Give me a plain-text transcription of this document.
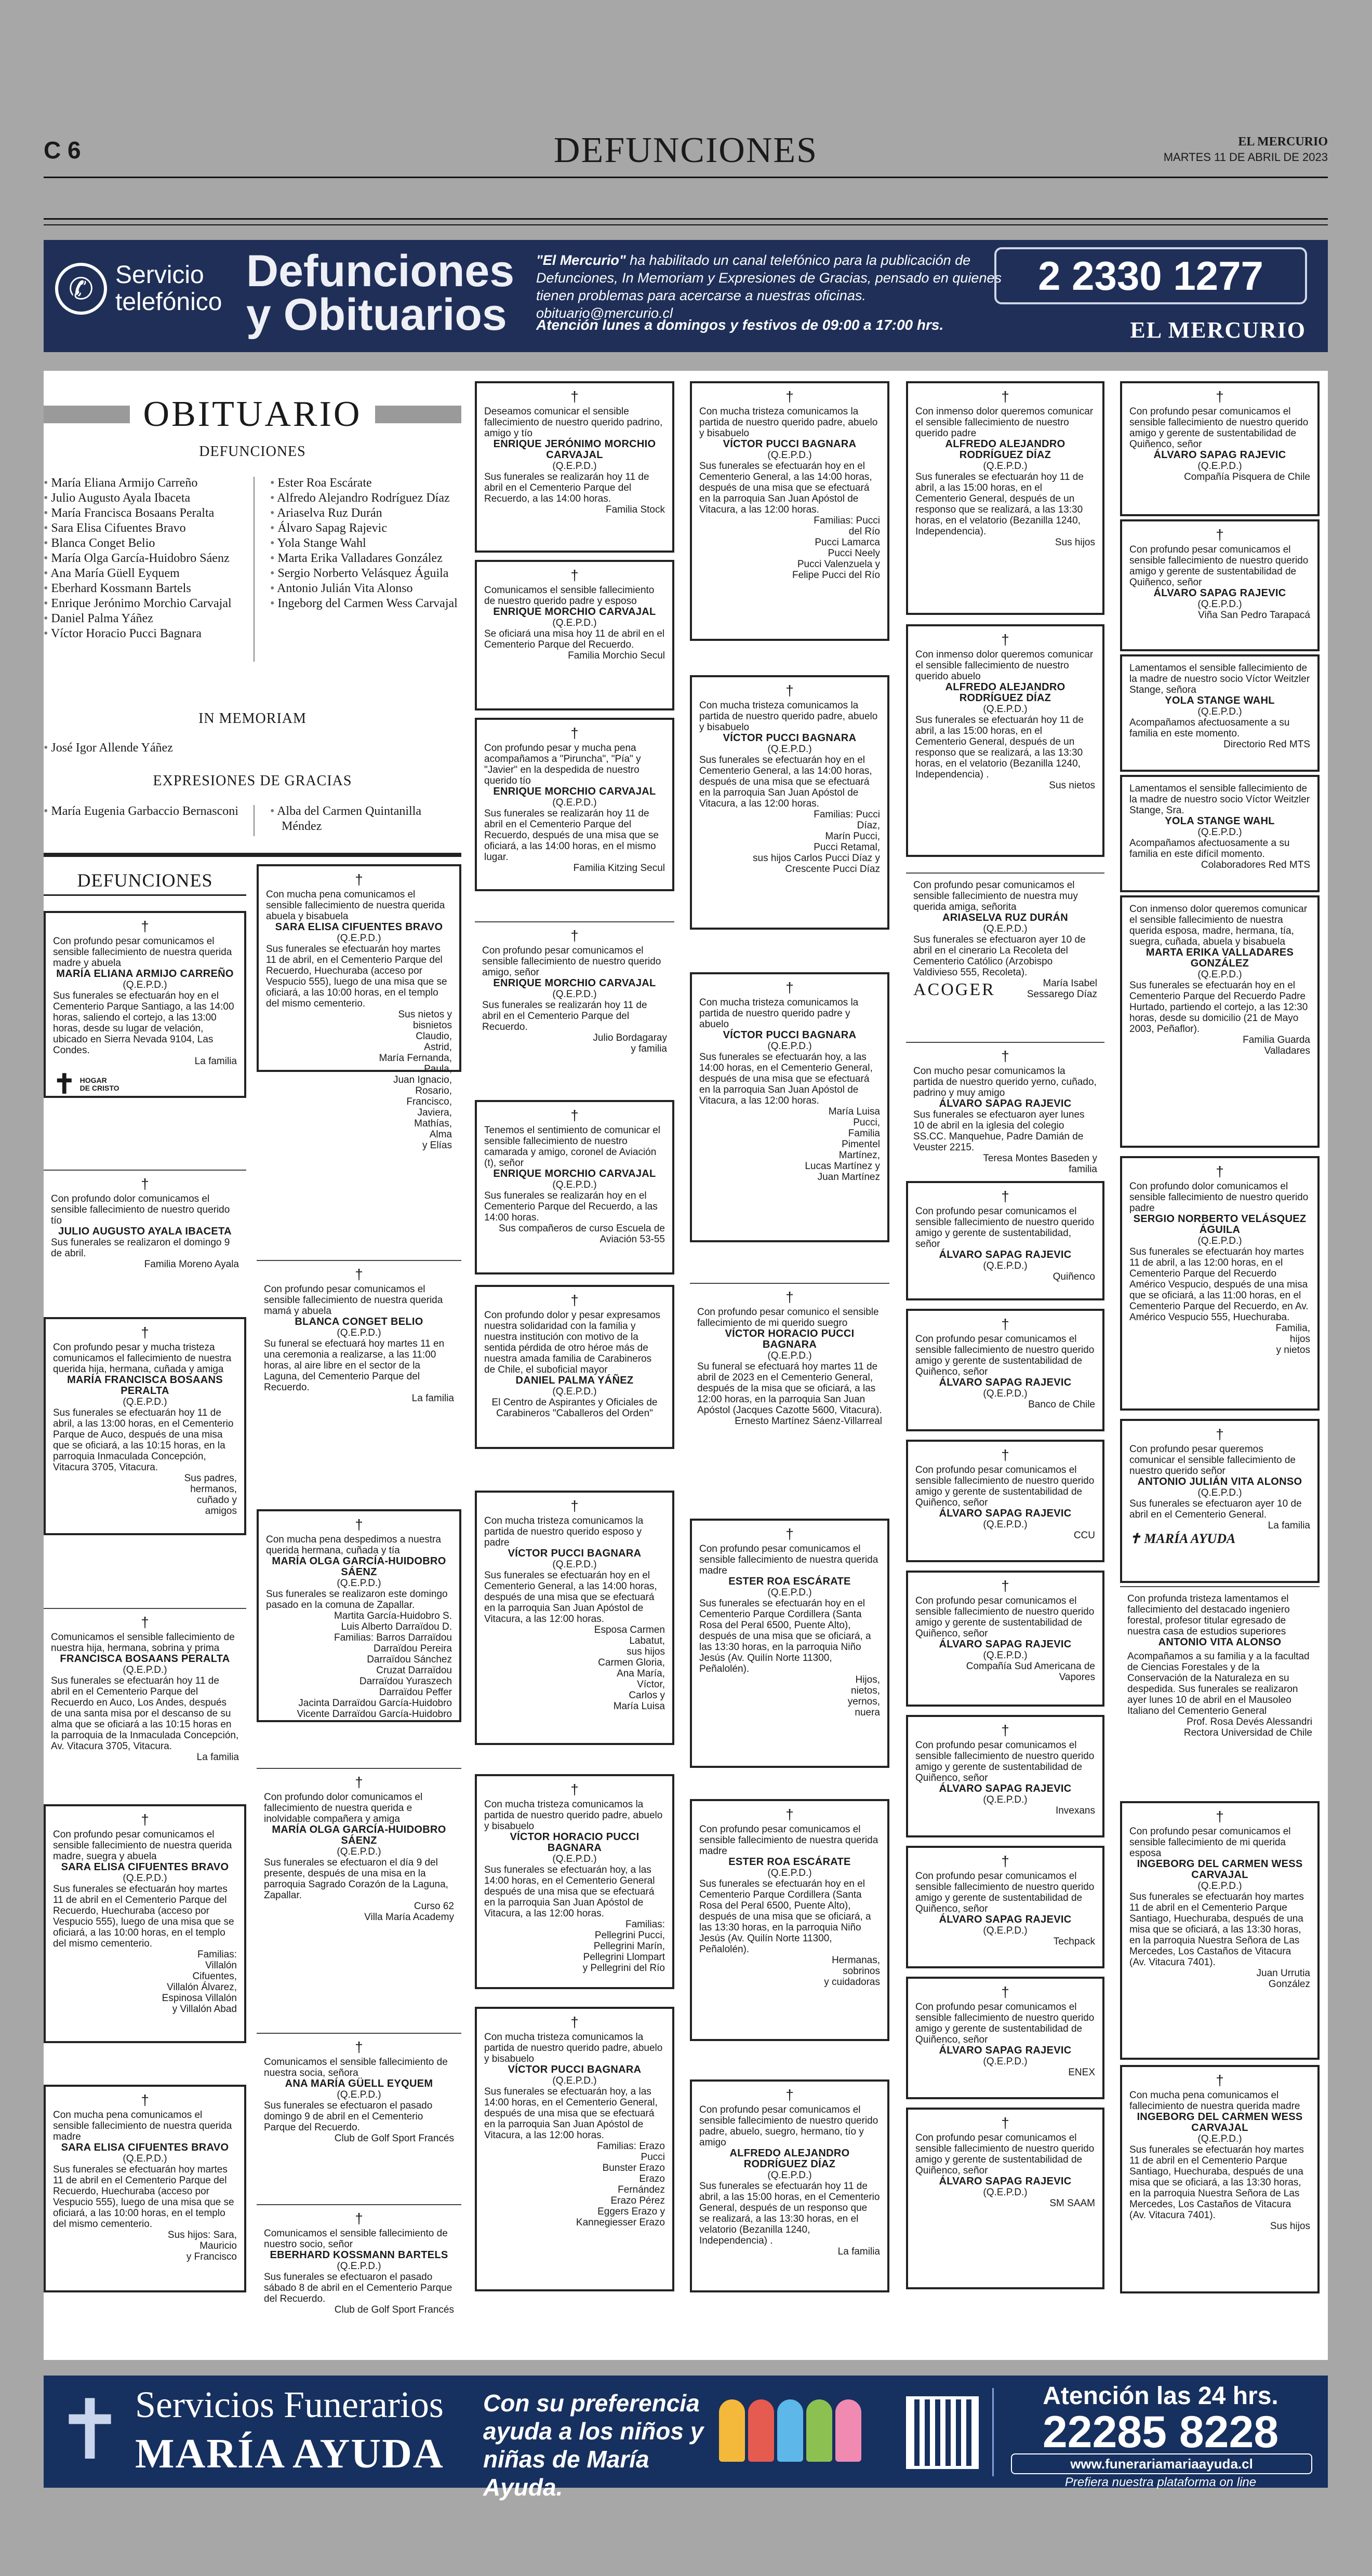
C 6	DEFUNCIONES	EL MERCURIO
MARTES 11 DE ABRIL DE 2023
✆ Servicio telefónico
Defunciones
y Obituarios
"El Mercurio" ha habilitado un canal telefónico para la publicación de Defunciones, In Memoriam y Expresiones de Gracias, pensado en quienes tienen problemas para acercarse a nuestras oficinas.
obituario@mercurio.cl
Atención lunes a domingos y festivos de 09:00 a 17:00 hrs.
2 2330 1277
EL MERCURIO
OBITUARIO
DEFUNCIONES
• María Eliana Armijo Carreño
• Julio Augusto Ayala Ibaceta
• María Francisca Bosaans Peralta
• Sara Elisa Cifuentes Bravo
• Blanca Conget Belio
• María Olga García-Huidobro Sáenz
• Ana María Güell Eyquem
• Eberhard Kossmann Bartels
• Enrique Jerónimo Morchio Carvajal
• Daniel Palma Yáñez
• Víctor Horacio Pucci Bagnara
• Ester Roa Escárate
• Alfredo Alejandro Rodríguez Díaz
• Ariaselva Ruz Durán
• Álvaro Sapag Rajevic
• Yola Stange Wahl
• Marta Erika Valladares González
• Sergio Norberto Velásquez Águila
• Antonio Julián Vita Alonso
• Ingeborg del Carmen Wess Carvajal
IN MEMORIAM
• José Igor Allende Yáñez
EXPRESIONES DE GRACIAS
• María Eugenia Garbaccio Bernasconi
•	Alba del Carmen Quintanilla Méndez
DEFUNCIONES
†
Con profundo pesar comunicamos el sensible fallecimiento de nuestra querida madre y abuela
MARÍA ELIANA ARMIJO CARREÑO
(Q.E.P.D.)
Sus funerales se efectuarán hoy en el Cementerio Parque Santiago, a las 14:00 horas, saliendo el cortejo, a las 13:00 horas, desde su lugar de velación, ubicado en Sierra Nevada 9104, Las Condes.
La familia
✝ HOGAR
DE CRISTO
†
Con profundo dolor comunicamos el sensible fallecimiento de nuestro querido tío
JULIO AUGUSTO AYALA IBACETA
Sus funerales se realizaron el domingo 9 de abril.
Familia Moreno Ayala
†
Con profundo pesar y mucha tristeza comunicamos el fallecimiento de nuestra querida hija, hermana, cuñada y amiga
MARÍA FRANCISCA BOSAANS PERALTA
(Q.E.P.D.)
Sus funerales se efectuarán hoy 11 de abril, a las 13:00 horas, en el Cementerio Parque de Auco, después de una misa que se oficiará, a las 10:15 horas, en la parroquia Inmaculada Concepción, Vitacura 3705, Vitacura.
Sus padres,
hermanos,
cuñado y
amigos
†
Comunicamos el sensible fallecimiento de nuestra hija, hermana, sobrina y prima
FRANCISCA BOSAANS PERALTA
(Q.E.P.D.)
Sus funerales se efectuarán hoy 11 de abril en el Cementerio Parque del Recuerdo en Auco, Los Andes, después de una santa misa por el descanso de su alma que se oficiará a las 10:15 horas en la parroquia de la Inmaculada Concepción, Av. Vitacura 3705, Vitacura.
La familia
†
Con profundo pesar comunicamos el sensible fallecimiento de nuestra querida madre, suegra y abuela
SARA ELISA CIFUENTES BRAVO
(Q.E.P.D.)
Sus funerales se efectuarán hoy martes 11 de abril en el Cementerio Parque del Recuerdo, Huechuraba (acceso por Vespucio 555), luego de una misa que se oficiará, a las 10:00 horas, en el templo del mismo cementerio.
Familias:
Villalón
Cifuentes,
Villalón Álvarez,
Espinosa Villalón
y Villalón Abad
†
Con mucha pena comunicamos el sensible fallecimiento de nuestra querida madre
SARA ELISA CIFUENTES BRAVO
(Q.E.P.D.)
Sus funerales se efectuarán hoy martes 11 de abril en el Cementerio Parque del Recuerdo, Huechuraba (acceso por Vespucio 555), luego de una misa que se oficiará, a las 10:00 horas, en el templo del mismo cementerio.
Sus hijos: Sara,
Mauricio
y Francisco
†
Con mucha pena comunicamos el sensible fallecimiento de nuestra querida abuela y bisabuela
SARA ELISA CIFUENTES BRAVO
(Q.E.P.D.)
Sus funerales se efectuarán hoy martes 11 de abril, en el Cementerio Parque del Recuerdo, Huechuraba (acceso por Vespucio 555), luego de una misa que se oficiará, a las 10:00 horas, en el templo del mismo cementerio.
Sus nietos y
bisnietos
Claudio,
Astrid,
María Fernanda,
Paula,
Juan Ignacio,
Rosario,
Francisco,
Javiera,
Mathías,
Alma
y Elías
†
Con profundo pesar comunicamos el sensible fallecimiento de nuestra querida mamá y abuela
BLANCA CONGET BELIO
(Q.E.P.D.)
Su funeral se efectuará hoy martes 11 en una ceremonia a realizarse, a las 11:00 horas, al aire libre en el sector de la Laguna, del Cementerio Parque del Recuerdo.
La familia
†
Con mucha pena despedimos a nuestra querida hermana, cuñada y tía
MARÍA OLGA GARCÍA-HUIDOBRO SÁENZ
(Q.E.P.D.)
Sus funerales se realizaron este domingo pasado en la comuna de Zapallar.
Martita García-Huidobro S.
Luis Alberto Darraïdou D.
Familias: Barros Darraïdou
Darraïdou Pereira
Darraïdou Sánchez
Cruzat Darraïdou
Darraïdou Yuraszech
Darraïdou Peffer
Jacinta Darraïdou García-Huidobro
Vicente Darraïdou García-Huidobro
†
Con profundo dolor comunicamos el fallecimiento de nuestra querida e inolvidable compañera y amiga
MARÍA OLGA GARCÍA-HUIDOBRO SÁENZ
(Q.E.P.D.)
Sus funerales se efectuaron el día 9 del presente, después de una misa en la parroquia Sagrado Corazón de la Laguna, Zapallar.
Curso 62
Villa María Academy
†
Comunicamos el sensible fallecimiento de nuestra socia, señora
ANA MARÍA GÜELL EYQUEM
(Q.E.P.D.)
Sus funerales se efectuaron el pasado domingo 9 de abril en el Cementerio Parque del Recuerdo.
Club de Golf Sport Francés
†
Comunicamos el sensible fallecimiento de nuestro socio, señor
EBERHARD KOSSMANN BARTELS
(Q.E.P.D.)
Sus funerales se efectuaron el pasado sábado 8 de abril en el Cementerio Parque del Recuerdo.
Club de Golf Sport Francés
†
Deseamos comunicar el sensible fallecimiento de nuestro querido padrino, amigo y tío
ENRIQUE JERÓNIMO MORCHIO CARVAJAL
(Q.E.P.D.)
Sus funerales se realizarán hoy 11 de abril en el Cementerio Parque del Recuerdo, a las 14:00 horas.
Familia Stock
†
Comunicamos el sensible fallecimiento de nuestro querido padre y esposo
ENRIQUE MORCHIO CARVAJAL
(Q.E.P.D.)
Se oficiará una misa hoy 11 de abril en el Cementerio Parque del Recuerdo.
Familia Morchio Secul
†
Con profundo pesar y mucha pena acompañamos a "Piruncha", "Pía" y "Javier" en la despedida de nuestro querido tío
ENRIQUE MORCHIO CARVAJAL
(Q.E.P.D.)
Sus funerales se realizarán hoy 11 de abril en el Cementerio Parque del Recuerdo, después de una misa que se oficiará, a las 14:00 horas, en el mismo lugar.
Familia Kitzing Secul
†
Con profundo pesar comunicamos el sensible fallecimiento de nuestro querido amigo, señor
ENRIQUE MORCHIO CARVAJAL
(Q.E.P.D.)
Sus funerales se realizarán hoy 11 de abril en el Cementerio Parque del Recuerdo.
Julio Bordagaray
y familia
†
Tenemos el sentimiento de comunicar el sensible fallecimiento de nuestro camarada y amigo, coronel de Aviación (t), señor
ENRIQUE MORCHIO CARVAJAL
(Q.E.P.D.)
Sus funerales se realizarán hoy en el Cementerio Parque del Recuerdo, a las 14:00 horas.
Sus compañeros de curso Escuela de
Aviación 53-55
†
Con profundo dolor y pesar expresamos nuestra solidaridad con la familia y nuestra institución con motivo de la sentida pérdida de otro héroe más de nuestra amada familia de Carabineros de Chile, el suboficial mayor
DANIEL PALMA YÁÑEZ
(Q.E.P.D.)
El Centro de Aspirantes y Oficiales de Carabineros "Caballeros del Orden"
†
Con mucha tristeza comunicamos la partida de nuestro querido esposo y padre
VÍCTOR PUCCI BAGNARA
(Q.E.P.D.)
Sus funerales se efectuarán hoy en el Cementerio General, a las 14:00 horas, después de una misa que se efectuará en la parroquia San Juan Apóstol de Vitacura, a las 12:00 horas.
Esposa Carmen
Labatut,
sus hijos
Carmen Gloria,
Ana María,
Víctor,
Carlos y
María Luisa
†
Con mucha tristeza comunicamos la partida de nuestro querido padre, abuelo y bisabuelo
VÍCTOR HORACIO PUCCI BAGNARA
(Q.E.P.D.)
Sus funerales se efectuarán hoy, a las 14:00 horas, en el Cementerio General después de una misa que se efectuará en la parroquia San Juan Apóstol de Vitacura, a las 12:00 horas.
Familias:
Pellegrini Pucci,
Pellegrini Marín,
Pellegrini Llompart
y Pellegrini del Río
†
Con mucha tristeza comunicamos la partida de nuestro querido padre, abuelo y bisabuelo
VÍCTOR PUCCI BAGNARA
(Q.E.P.D.)
Sus funerales se efectuarán hoy, a las 14:00 horas, en el Cementerio General, después de una misa que se efectuará en la parroquia San Juan Apóstol de Vitacura, a las 12:00 horas.
Familias: Erazo
Pucci
Bunster Erazo
Erazo
Fernández
Erazo Pérez
Eggers Erazo y
Kannegiesser Erazo
†
Con mucha tristeza comunicamos la partida de nuestro querido padre, abuelo y bisabuelo
VÍCTOR PUCCI BAGNARA
(Q.E.P.D.)
Sus funerales se efectuarán hoy en el Cementerio General, a las 14:00 horas, después de una misa que se efectuará en la parroquia San Juan Apóstol de Vitacura, a las 12:00 horas.
Familias: Pucci
del Río
Pucci Lamarca
Pucci Neely
Pucci Valenzuela y
Felipe Pucci del Río
†
Con mucha tristeza comunicamos la partida de nuestro querido padre, abuelo y bisabuelo
VÍCTOR PUCCI BAGNARA
(Q.E.P.D.)
Sus funerales se efectuarán hoy en el Cementerio General, a las 14:00 horas, después de una misa que se efectuará en la parroquia San Juan Apóstol de Vitacura, a las 12:00 horas.
Familias: Pucci
Díaz,
Marín Pucci,
Pucci Retamal,
sus hijos Carlos Pucci Díaz y
Crescente Pucci Díaz
†
Con mucha tristeza comunicamos la partida de nuestro querido padre y abuelo
VÍCTOR PUCCI BAGNARA
(Q.E.P.D.)
Sus funerales se efectuarán hoy, a las 14:00 horas, en el Cementerio General, después de una misa que se efectuará en la parroquia San Juan Apóstol de Vitacura, a las 12:00 horas.
María Luisa
Pucci,
Familia
Pimentel
Martínez,
Lucas Martínez y
Juan Martínez
†
Con profundo pesar comunico el sensible fallecimiento de mi querido suegro
VÍCTOR HORACIO PUCCI BAGNARA
(Q.E.P.D.)
Su funeral se efectuará hoy martes 11 de abril de 2023 en el Cementerio General, después de la misa que se oficiará, a las 12:00 horas, en la parroquia San Juan Apóstol (Jacques Cazotte 5600, Vitacura).
Ernesto Martínez Sáenz-Villarreal
†
Con profundo pesar comunicamos el sensible fallecimiento de nuestra querida madre
ESTER ROA ESCÁRATE
(Q.E.P.D.)
Sus funerales se efectuarán hoy en el Cementerio Parque Cordillera (Santa Rosa del Peral 6500, Puente Alto), después de una misa que se oficiará, a las 13:30 horas, en la parroquia Niño Jesús (Av. Quilín Norte 11300, Peñalolén).
Hijos,
nietos,
yernos,
nuera
†
Con profundo pesar comunicamos el sensible fallecimiento de nuestra querida madre
ESTER ROA ESCÁRATE
(Q.E.P.D.)
Sus funerales se efectuarán hoy en el Cementerio Parque Cordillera (Santa Rosa del Peral 6500, Puente Alto), después de una misa que se oficiará, a las 13:30 horas, en la parroquia Niño Jesús (Av. Quilín Norte 11300, Peñalolén).
Hermanas,
sobrinos
y cuidadoras
†
Con profundo pesar comunicamos el sensible fallecimiento de nuestro querido padre, abuelo, suegro, hermano, tío y amigo
ALFREDO ALEJANDRO RODRÍGUEZ DÍAZ
(Q.E.P.D.)
Sus funerales se efectuarán hoy 11 de abril, a las 15:00 horas, en el Cementerio General, después de un responso que se realizará, a las 13:30 horas, en el velatorio (Bezanilla 1240, Independencia) .
La familia
†
Con inmenso dolor queremos comunicar el sensible fallecimiento de nuestro querido padre
ALFREDO ALEJANDRO RODRÍGUEZ DÍAZ
(Q.E.P.D.)
Sus funerales se efectuarán hoy 11 de abril, a las 15:00 horas, en el Cementerio General, después de un responso que se realizará, a las 13:30 horas, en el velatorio (Bezanilla 1240, Independencia).
Sus hijos
†
Con inmenso dolor queremos comunicar el sensible fallecimiento de nuestro querido abuelo
ALFREDO ALEJANDRO RODRÍGUEZ DÍAZ
(Q.E.P.D.)
Sus funerales se efectuarán hoy 11 de abril, a las 15:00 horas, en el Cementerio General, después de un responso que se realizará, a las 13:30 horas, en el velatorio (Bezanilla 1240, Independencia) .
Sus nietos
Con profundo pesar comunicamos el sensible fallecimiento de nuestra muy querida amiga, señorita
ARIASELVA RUZ DURÁN
(Q.E.P.D.)
Sus funerales se efectuaron ayer 10 de abril en el cinerario La Recoleta del Cementerio Católico (Arzobispo Valdivieso 555, Recoleta).
ACOGER	María Isabel
Sessarego Díaz
†
Con mucho pesar comunicamos la partida de nuestro querido yerno, cuñado, padrino y muy amigo
ÁLVARO SAPAG RAJEVIC
Sus funerales se efectuaron ayer lunes 10 de abril en la iglesia del colegio SS.CC. Manquehue, Padre Damián de Veuster 2215.
Teresa Montes Baseden y
familia
†
Con profundo pesar comunicamos el sensible fallecimiento de nuestro querido amigo y gerente de sustentabilidad, señor
ÁLVARO SAPAG RAJEVIC
(Q.E.P.D.)
Quiñenco
†
Con profundo pesar comunicamos el sensible fallecimiento de nuestro querido amigo y gerente de sustentabilidad de Quiñenco, señor
ÁLVARO SAPAG RAJEVIC
(Q.E.P.D.)
Banco de Chile
†
Con profundo pesar comunicamos el sensible fallecimiento de nuestro querido amigo y gerente de sustentabilidad de Quiñenco, señor
ÁLVARO SAPAG RAJEVIC
(Q.E.P.D.)
CCU
†
Con profundo pesar comunicamos el sensible fallecimiento de nuestro querido amigo y gerente de sustentabilidad de Quiñenco, señor
ÁLVARO SAPAG RAJEVIC
(Q.E.P.D.)
Compañía Sud Americana de
Vapores
†
Con profundo pesar comunicamos el sensible fallecimiento de nuestro querido amigo y gerente de sustentabilidad de Quiñenco, señor
ÁLVARO SAPAG RAJEVIC
(Q.E.P.D.)
Invexans
†
Con profundo pesar comunicamos el sensible fallecimiento de nuestro querido amigo y gerente de sustentabilidad de Quiñenco, señor
ÁLVARO SAPAG RAJEVIC
(Q.E.P.D.)
Techpack
†
Con profundo pesar comunicamos el sensible fallecimiento de nuestro querido amigo y gerente de sustentabilidad de Quiñenco, señor
ÁLVARO SAPAG RAJEVIC
(Q.E.P.D.)
ENEX
†
Con profundo pesar comunicamos el sensible fallecimiento de nuestro querido amigo y gerente de sustentabilidad de Quiñenco, señor
ÁLVARO SAPAG RAJEVIC
(Q.E.P.D.)
SM SAAM
†
Con profundo pesar comunicamos el sensible fallecimiento de nuestro querido amigo y gerente de sustentabilidad de Quiñenco, señor
ÁLVARO SAPAG RAJEVIC
(Q.E.P.D.)
Compañía Pisquera de Chile
†
Con profundo pesar comunicamos el sensible fallecimiento de nuestro querido amigo y gerente de sustentabilidad de Quiñenco, señor
ÁLVARO SAPAG RAJEVIC
(Q.E.P.D.)
Viña San Pedro Tarapacá
Lamentamos el sensible fallecimiento de la madre de nuestro socio Víctor Weitzler Stange, señora
YOLA STANGE WAHL
(Q.E.P.D.)
Acompañamos afectuosamente a su familia en este momento.
Directorio Red MTS
Lamentamos el sensible fallecimiento de la madre de nuestro socio Víctor Weitzler Stange, Sra.
YOLA STANGE WAHL
(Q.E.P.D.)
Acompañamos afectuosamente a su familia en este difícil momento.
Colaboradores Red MTS
Con inmenso dolor queremos comunicar el sensible fallecimiento de nuestra querida esposa, madre, hermana, tía, suegra, cuñada, abuela y bisabuela
MARTA ERIKA VALLADARES GONZÁLEZ
(Q.E.P.D.)
Sus funerales se efectuarán hoy en el Cementerio Parque del Recuerdo Padre Hurtado, partiendo el cortejo, a las 12:30 horas, desde su domicilio (21 de Mayo 2003, Peñaflor).
Familia Guarda
Valladares
†
Con profundo dolor comunicamos el sensible fallecimiento de nuestro querido padre
SERGIO NORBERTO VELÁSQUEZ ÁGUILA
(Q.E.P.D.)
Sus funerales se efectuarán hoy martes 11 de abril, a las 12:00 horas, en el Cementerio Parque del Recuerdo Américo Vespucio, después de una misa que se oficiará, a las 11:00 horas, en el Cementerio Parque del Recuerdo, en Av. Américo Vespucio 555, Huechuraba.
Familia,
hijos
y nietos
†
Con profundo pesar queremos comunicar el sensible fallecimiento de nuestro querido señor
ANTONIO JULIÁN VITA ALONSO
(Q.E.P.D.)
Sus funerales se efectuaron ayer 10 de abril en el Cementerio General.
La familia
✝ MARÍA AYUDA
Con profunda tristeza lamentamos el fallecimiento del destacado ingeniero forestal, profesor titular egresado de nuestra casa de estudios superiores
ANTONIO VITA ALONSO
Acompañamos a su familia y a la facultad de Ciencias Forestales y de la Conservación de la Naturaleza en su despedida. Sus funerales se realizaron ayer lunes 10 de abril en el Mausoleo Italiano del Cementerio General
Prof. Rosa Devés Alessandri
Rectora Universidad de Chile
†
Con profundo pesar comunicamos el sensible fallecimiento de mi querida esposa
INGEBORG DEL CARMEN WESS CARVAJAL
(Q.E.P.D.)
Sus funerales se efectuarán hoy martes 11 de abril en el Cementerio Parque Santiago, Huechuraba, después de una misa que se oficiará, a las 13:30 horas, en la parroquia Nuestra Señora de Las Mercedes, Los Castaños de Vitacura (Av. Vitacura 7401).
Juan Urrutia
González
†
Con mucha pena comunicamos el fallecimiento de nuestra querida madre
INGEBORG DEL CARMEN WESS CARVAJAL
(Q.E.P.D.)
Sus funerales se efectuarán hoy martes 11 de abril en el Cementerio Parque Santiago, Huechuraba, después de una misa que se oficiará, a las 13:30 horas, en la parroquia Nuestra Señora de Las Mercedes, Los Castaños de Vitacura (Av. Vitacura 7401).
Sus hijos
✝ Servicios Funerarios
MARÍA AYUDA
Con su preferencia ayuda a los niños y niñas de María Ayuda.
Atención las 24 hrs.
22285 8228
www.funerariamariaayuda.cl
Prefiera nuestra plataforma on line
